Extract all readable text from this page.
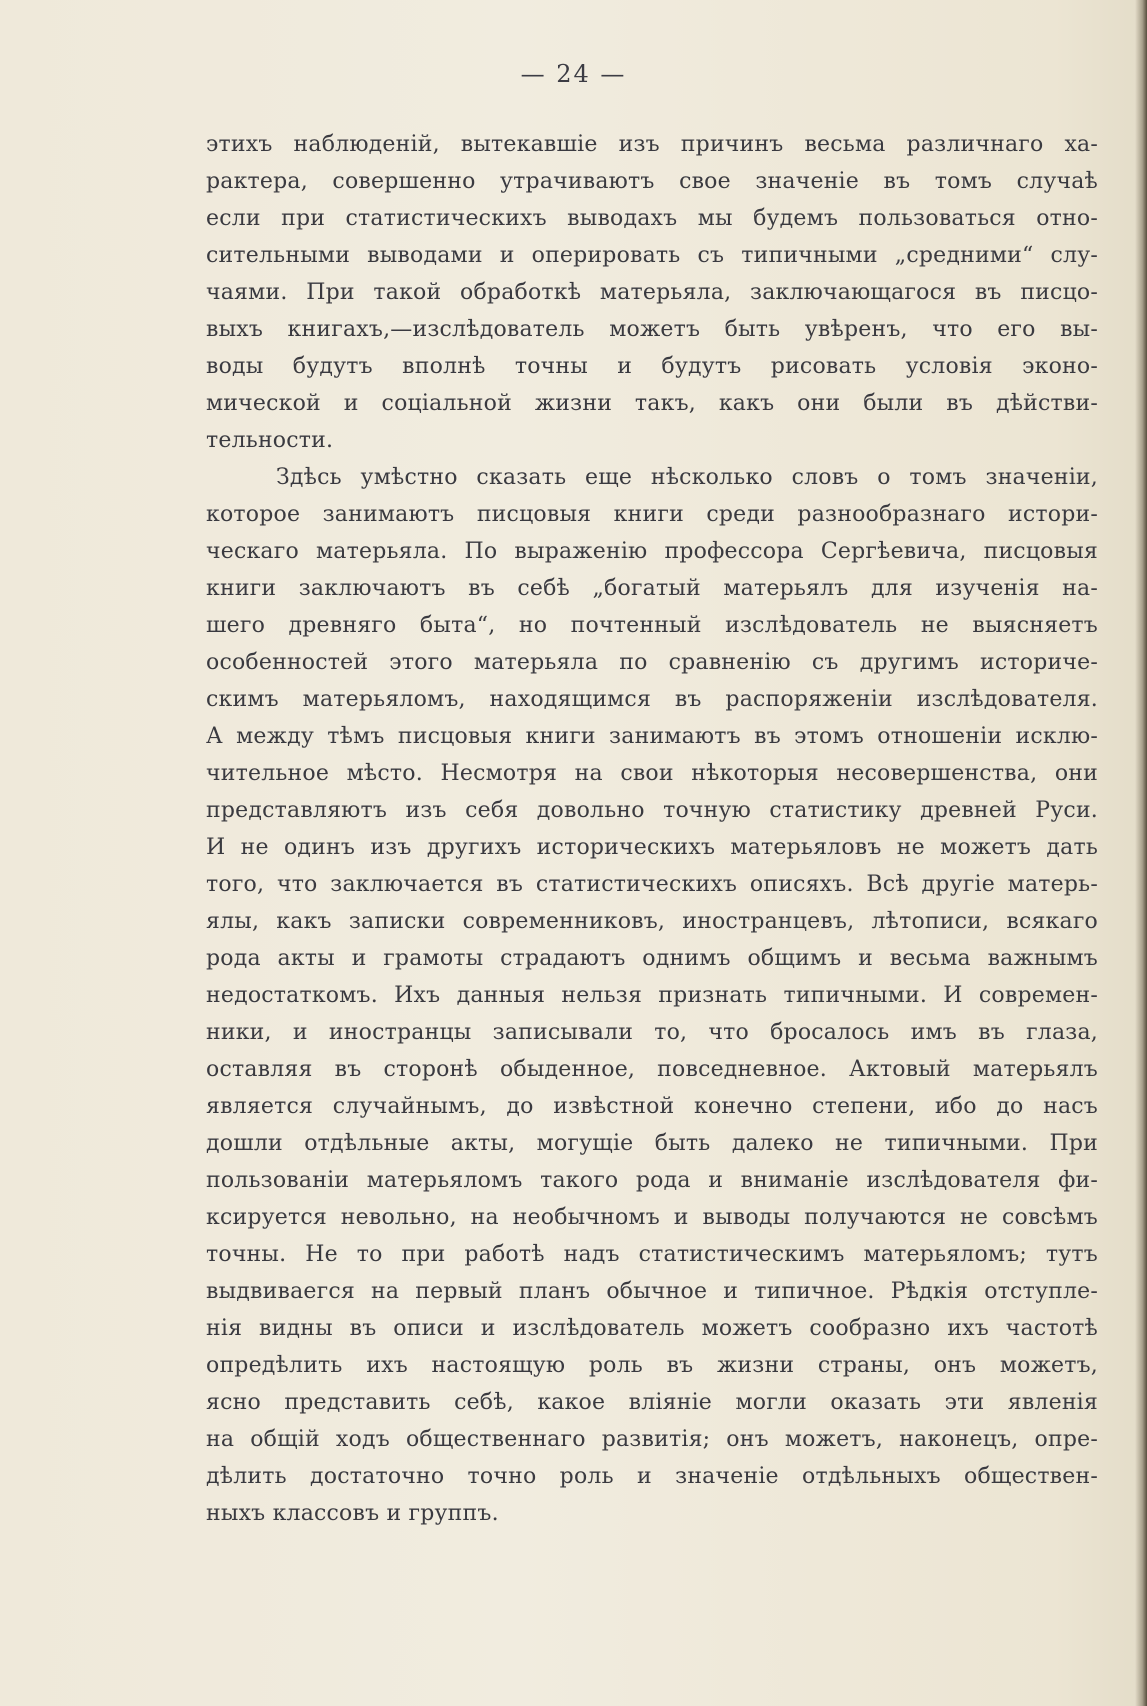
— 24 —
этихъ наблюденій, вытекавшіе изъ причинъ весьма различнаго ха-
рактера, совершенно утрачиваютъ свое значеніе въ томъ случаѣ
если при статистическихъ выводахъ мы будемъ пользоваться отно-
сительными выводами и оперировать съ типичными „средними“ слу-
чаями. При такой обработкѣ матерьяла, заключающагося въ писцо-
выхъ книгахъ,—изслѣдователь можетъ быть увѣренъ, что его вы-
воды будутъ вполнѣ точны и будутъ рисовать условія эконо-
мической и соціальной жизни такъ, какъ они были въ дѣйстви-
тельности.
Здѣсь умѣстно сказать еще нѣсколько словъ о томъ значеніи,
которое занимаютъ писцовыя книги среди разнообразнаго истори-
ческаго матерьяла. По выраженію профессора Сергѣевича, писцовыя
книги заключаютъ въ себѣ „богатый матерьялъ для изученія на-
шего древняго быта“, но почтенный изслѣдователь не выясняетъ
особенностей этого матерьяла по сравненію съ другимъ историче-
скимъ матерьяломъ, находящимся въ распоряженіи изслѣдователя.
А между тѣмъ писцовыя книги занимаютъ въ этомъ отношеніи исклю-
чительное мѣсто. Несмотря на свои нѣкоторыя несовершенства, они
представляютъ изъ себя довольно точную статистику древней Руси.
И не одинъ изъ другихъ историческихъ матерьяловъ не можетъ дать
того, что заключается въ статистическихъ описяхъ. Всѣ другіе матерь-
ялы, какъ записки современниковъ, иностранцевъ, лѣтописи, всякаго
рода акты и грамоты страдаютъ однимъ общимъ и весьма важнымъ
недостаткомъ. Ихъ данныя нельзя признать типичными. И современ-
ники, и иностранцы записывали то, что бросалось имъ въ глаза,
оставляя въ сторонѣ обыденное, повседневное. Актовый матерьялъ
является случайнымъ, до извѣстной конечно степени, ибо до насъ
дошли отдѣльные акты, могущіе быть далеко не типичными. При
пользованіи матерьяломъ такого рода и вниманіе изслѣдователя фи-
ксируется невольно, на необычномъ и выводы получаются не совсѣмъ
точны. Не то при работѣ надъ статистическимъ матерьяломъ; тутъ
выдвиваегся на первый планъ обычное и типичное. Рѣдкія отступле-
нія видны въ описи и изслѣдователь можетъ сообразно ихъ частотѣ
опредѣлить ихъ настоящую роль въ жизни страны, онъ можетъ,
ясно представить себѣ, какое вліяніе могли оказать эти явленія
на общій ходъ общественнаго развитія; онъ можетъ, наконецъ, опре-
дѣлить достаточно точно роль и значеніе отдѣльныхъ обществен-
ныхъ классовъ и группъ.
